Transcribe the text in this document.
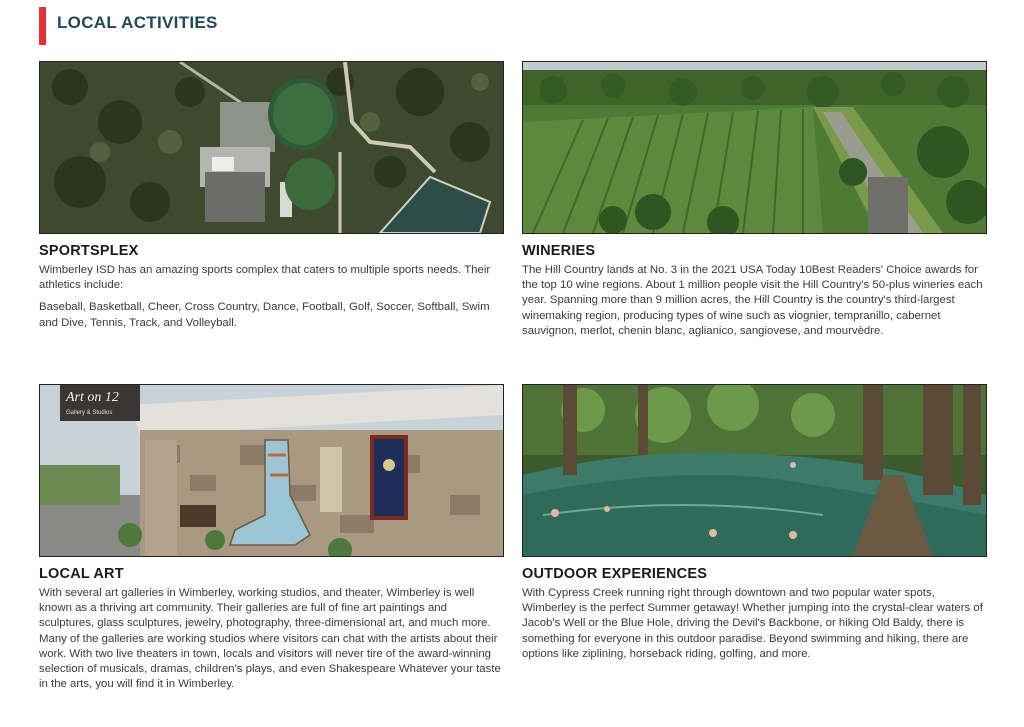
LOCAL ACTIVITIES
SPORTSPLEX

Wimberley ISD has an amazing sports complex that caters to multiple sports needs. Their athletics include:

Baseball, Basketball, Cheer, Cross Country, Dance, Football, Golf, Soccer, Softball, Swim and Dive, Tennis, Track, and Volleyball.

WINERIES

The Hill Country lands at No. 3 in the 2021 USA Today 10Best Readers' Choice awards for the top 10 wine regions. About 1 million people visit the Hill Country's 50-plus wineries each year. Spanning more than 9 million acres, the Hill Country is the country's third-largest winemaking region, producing types of wine such as viognier, tempranillo, cabernet sauvignon, merlot, chenin blanc, aglianico, sangiovese, and mourvèdre.

Art on 12
Gallery & Studios
LOCAL ART

With several art galleries in Wimberley, working studios, and theater, Wimberley is well known as a thriving art community. Their galleries are full of fine art paintings and sculptures, glass sculptures, jewelry, photography, three-dimensional art, and much more. Many of the galleries are working studios where visitors can chat with the artists about their work. With two live theaters in town, locals and visitors will never tire of the award-winning selection of musicals, dramas, children's plays, and even Shakespeare Whatever your taste in the arts, you will find it in Wimberley.

OUTDOOR EXPERIENCES

With Cypress Creek running right through downtown and two popular water spots, Wimberley is the perfect Summer getaway! Whether jumping into the crystal-clear waters of Jacob's Well or the Blue Hole, driving the Devil's Backbone, or hiking Old Baldy, there is something for everyone in this outdoor paradise. Beyond swimming and hiking, there are options like ziplining, horseback riding, golfing, and more.
